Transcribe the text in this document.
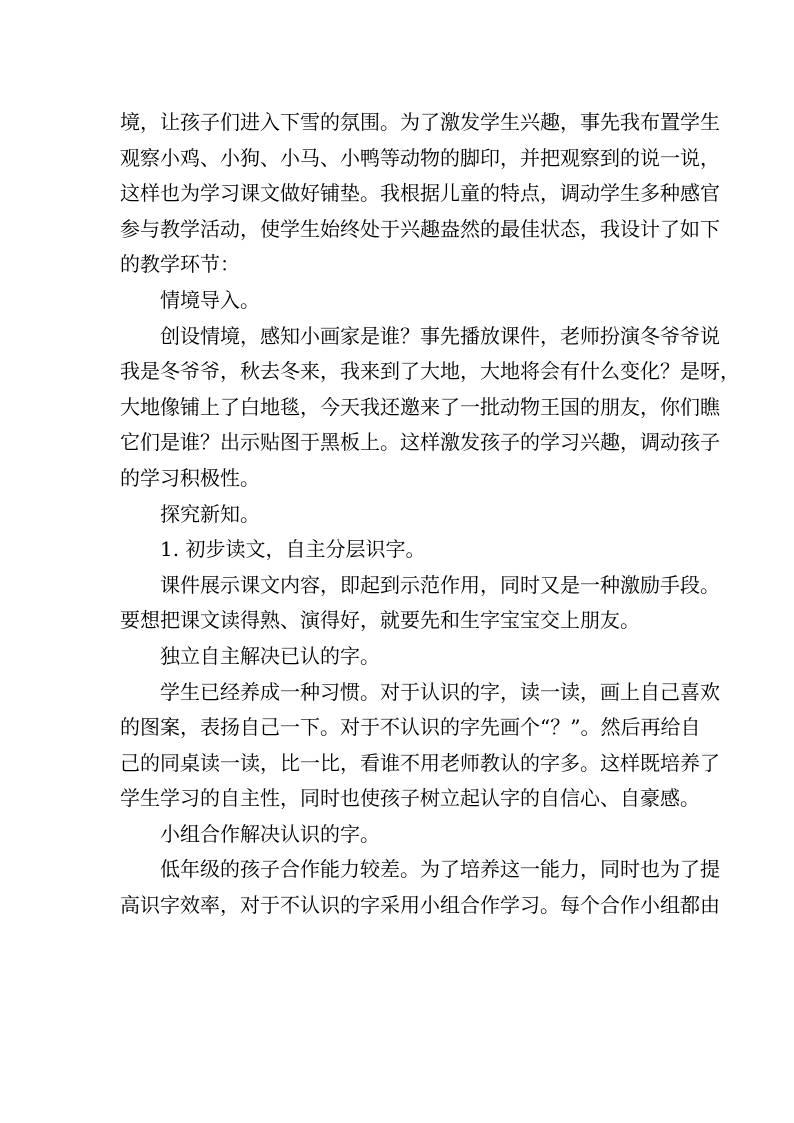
境，让孩子们进入下雪的氛围。为了激发学生兴趣，事先我布置学生
观察小鸡、小狗、小马、小鸭等动物的脚印，并把观察到的说一说，
这样也为学习课文做好铺垫。我根据儿童的特点，调动学生多种感官
参与教学活动，使学生始终处于兴趣盎然的最佳状态，我设计了如下
的教学环节：
情境导入。
创设情境，感知小画家是谁？事先播放课件，老师扮演冬爷爷说
我是冬爷爷，秋去冬来，我来到了大地，大地将会有什么变化？是呀，
大地像铺上了白地毯，今天我还邀来了一批动物王国的朋友，你们瞧
它们是谁？出示贴图于黑板上。这样激发孩子的学习兴趣，调动孩子
的学习积极性。
探究新知。
1. 初步读文，自主分层识字。
课件展示课文内容，即起到示范作用，同时又是一种激励手段。
要想把课文读得熟、演得好，就要先和生字宝宝交上朋友。
独立自主解决已认的字。
学生已经养成一种习惯。对于认识的字，读一读，画上自己喜欢
的图案，表扬自己一下。对于不认识的字先画个“？”。然后再给自
己的同桌读一读，比一比，看谁不用老师教认的字多。这样既培养了
学生学习的自主性，同时也使孩子树立起认字的自信心、自豪感。
小组合作解决认识的字。
低年级的孩子合作能力较差。为了培养这一能力，同时也为了提
高识字效率，对于不认识的字采用小组合作学习。每个合作小组都由
